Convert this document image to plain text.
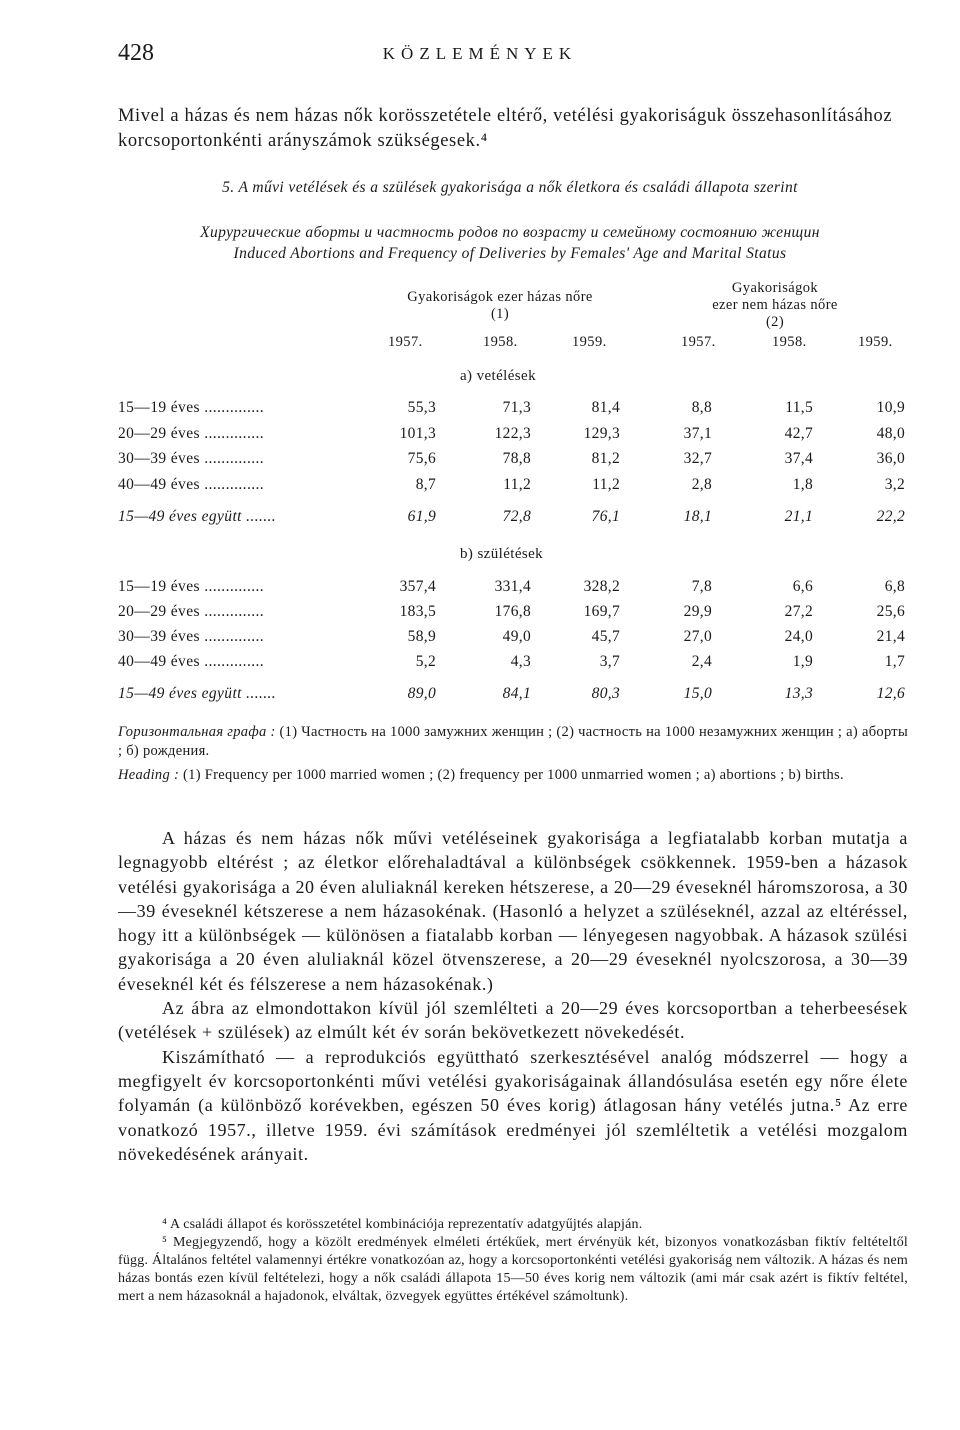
428	KÖZLEMÉNYEK
Mivel a házas és nem házas nők korösszetétele eltérő, vetélési gyakoriságuk összehasonlításához korcsoportonkénti arányszámok szükségesek.⁴
5. A művi vetélések és a szülések gyakorisága a nők életkora és családi állapota szerint
Хирургические аборты и частность родов по возрасту и семейному состоянию женщин
Induced Abortions and Frequency of Deliveries by Females' Age and Marital Status
Gyakoriságok ezer házas nőre
(1)
Gyakoriságok
ezer nem házas nőre
(2)
1957.	1958.	1959.	1957.	1958.	1959.
a) vetélések
15—19 éves ..............	55,3	71,3	81,4	8,8	11,5	10,9
20—29 éves ..............	101,3	122,3	129,3	37,1	42,7	48,0
30—39 éves ..............	75,6	78,8	81,2	32,7	37,4	36,0
40—49 éves ..............	8,7	11,2	11,2	2,8	1,8	3,2
15—49 éves együtt .......	61,9	72,8	76,1	18,1	21,1	22,2
b) szülétések
15—19 éves ..............	357,4	331,4	328,2	7,8	6,6	6,8
20—29 éves ..............	183,5	176,8	169,7	29,9	27,2	25,6
30—39 éves ..............	58,9	49,0	45,7	27,0	24,0	21,4
40—49 éves ..............	5,2	4,3	3,7	2,4	1,9	1,7
15—49 éves együtt .......	89,0	84,1	80,3	15,0	13,3	12,6
Горизонтальная графа : (1) Частность на 1000 замужних женщин ; (2) частность на 1000 незамужних женщин ; а) аборты ; б) рождения.
Heading : (1) Frequency per 1000 married women ; (2) frequency per 1000 unmarried women ; a) abortions ; b) births.

A házas és nem házas nők művi vetéléseinek gyakorisága a legfiatalabb korban mutatja a legnagyobb eltérést ; az életkor előrehaladtával a különbségek csökkennek. 1959-ben a házasok vetélési gyakorisága a 20 éven aluliaknál kereken hétszerese, a 20—29 éveseknél háromszorosa, a 30—39 éveseknél kétszerese a nem házasokénak. (Hasonló a helyzet a szüléseknél, azzal az eltéréssel, hogy itt a különbségek — különösen a fiatalabb korban — lényegesen nagyobbak. A házasok szülési gyakorisága a 20 éven aluliaknál közel ötvenszerese, a 20—29 éveseknél nyolcszorosa, a 30—39 éveseknél két és félszerese a nem házasokénak.)

Az ábra az elmondottakon kívül jól szemlélteti a 20—29 éves korcsoportban a teherbeesések (vetélések + szülések) az elmúlt két év során bekövetkezett növekedését.

Kiszámítható — a reprodukciós együttható szerkesztésével analóg módszerrel — hogy a megfigyelt év korcsoportonkénti művi vetélési gyakoriságainak állandósulása esetén egy nőre élete folyamán (a különböző korévekben, egészen 50 éves korig) átlagosan hány vetélés jutna.⁵ Az erre vonatkozó 1957., illetve 1959. évi számítások eredményei jól szemléltetik a vetélési mozgalom növekedésének arányait.

⁴ A családi állapot és korösszetétel kombinációja reprezentatív adatgyűjtés alapján.

⁵ Megjegyzendő, hogy a közölt eredmények elméleti értékűek, mert érvényük két, bizonyos vonatkozásban fiktív feltételtől függ. Általános feltétel valamennyi értékre vonatkozóan az, hogy a korcsoportonkénti vetélési gyakoriság nem változik. A házas és nem házas bontás ezen kívül feltételezi, hogy a nők családi állapota 15—50 éves korig nem változik (ami már csak azért is fiktív feltétel, mert a nem házasoknál a hajadonok, elváltak, özvegyek együttes értékével számoltunk).
